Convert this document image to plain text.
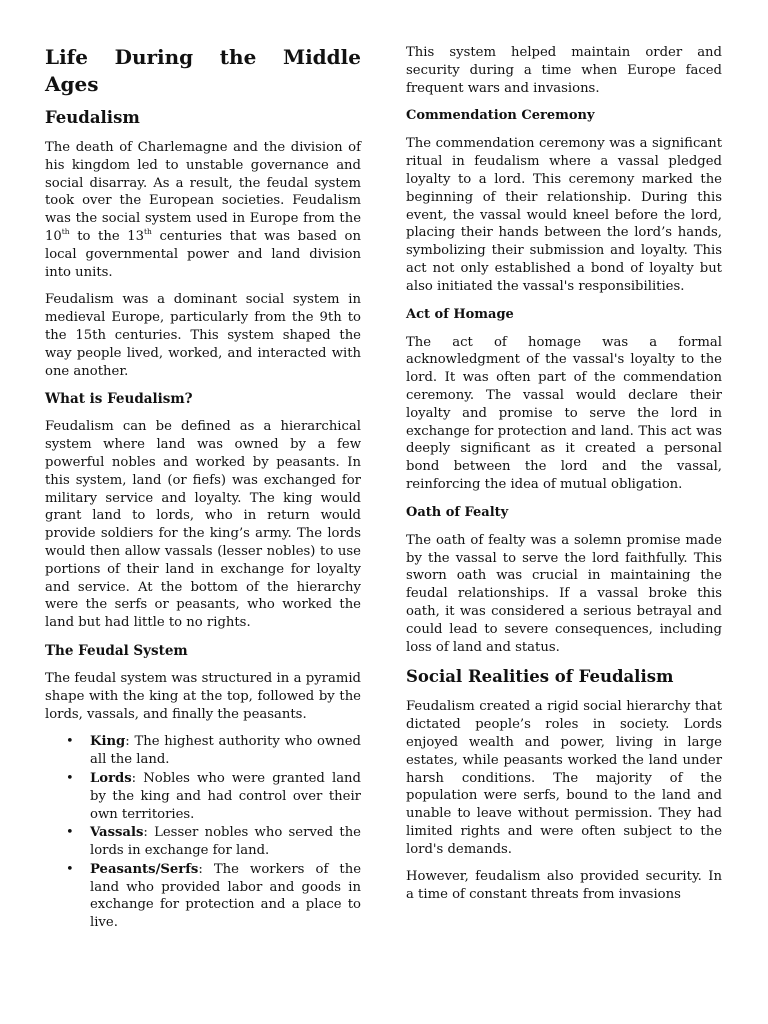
Life During the Middle
Ages
Feudalism

The death of Charlemagne and the division of his kingdom led to unstable governance and social disarray. As a result, the feudal system took over the European societies. Feudalism was the social system used in Europe from the 10th to the 13th centuries that was based on local governmental power and land division into units.

Feudalism was a dominant social system in medieval Europe, particularly from the 9th to the 15th centuries. This system shaped the way people lived, worked, and interacted with one another.

What is Feudalism?

Feudalism can be defined as a hierarchical system where land was owned by a few powerful nobles and worked by peasants. In this system, land (or fiefs) was exchanged for military service and loyalty. The king would grant land to lords, who in return would provide soldiers for the king’s army. The lords would then allow vassals (lesser nobles) to use portions of their land in exchange for loyalty and service. At the bottom of the hierarchy were the serfs or peasants, who worked the land but had little to no rights.

The Feudal System

The feudal system was structured in a pyramid shape with the king at the top, followed by the lords, vassals, and finally the peasants.

• King: The highest authority who owned all the land.
• Lords: Nobles who were granted land by the king and had control over their own territories.
• Vassals: Lesser nobles who served the lords in exchange for land.
• Peasants/Serfs: The workers of the land who provided labor and goods in exchange for protection and a place to live.

This system helped maintain order and security during a time when Europe faced frequent wars and invasions.

Commendation Ceremony

The commendation ceremony was a significant ritual in feudalism where a vassal pledged loyalty to a lord. This ceremony marked the beginning of their relationship. During this event, the vassal would kneel before the lord, placing their hands between the lord’s hands, symbolizing their submission and loyalty. This act not only established a bond of loyalty but also initiated the vassal's responsibilities.

Act of Homage

The act of homage was a formal acknowledgment of the vassal's loyalty to the lord. It was often part of the commendation ceremony. The vassal would declare their loyalty and promise to serve the lord in exchange for protection and land. This act was deeply significant as it created a personal bond between the lord and the vassal, reinforcing the idea of mutual obligation.

Oath of Fealty

The oath of fealty was a solemn promise made by the vassal to serve the lord faithfully. This sworn oath was crucial in maintaining the feudal relationships. If a vassal broke this oath, it was considered a serious betrayal and could lead to severe consequences, including loss of land and status.

Social Realities of Feudalism

Feudalism created a rigid social hierarchy that dictated people’s roles in society. Lords enjoyed wealth and power, living in large estates, while peasants worked the land under harsh conditions. The majority of the population were serfs, bound to the land and unable to leave without permission. They had limited rights and were often subject to the lord's demands.

However, feudalism also provided security. In a time of constant threats from invasions
